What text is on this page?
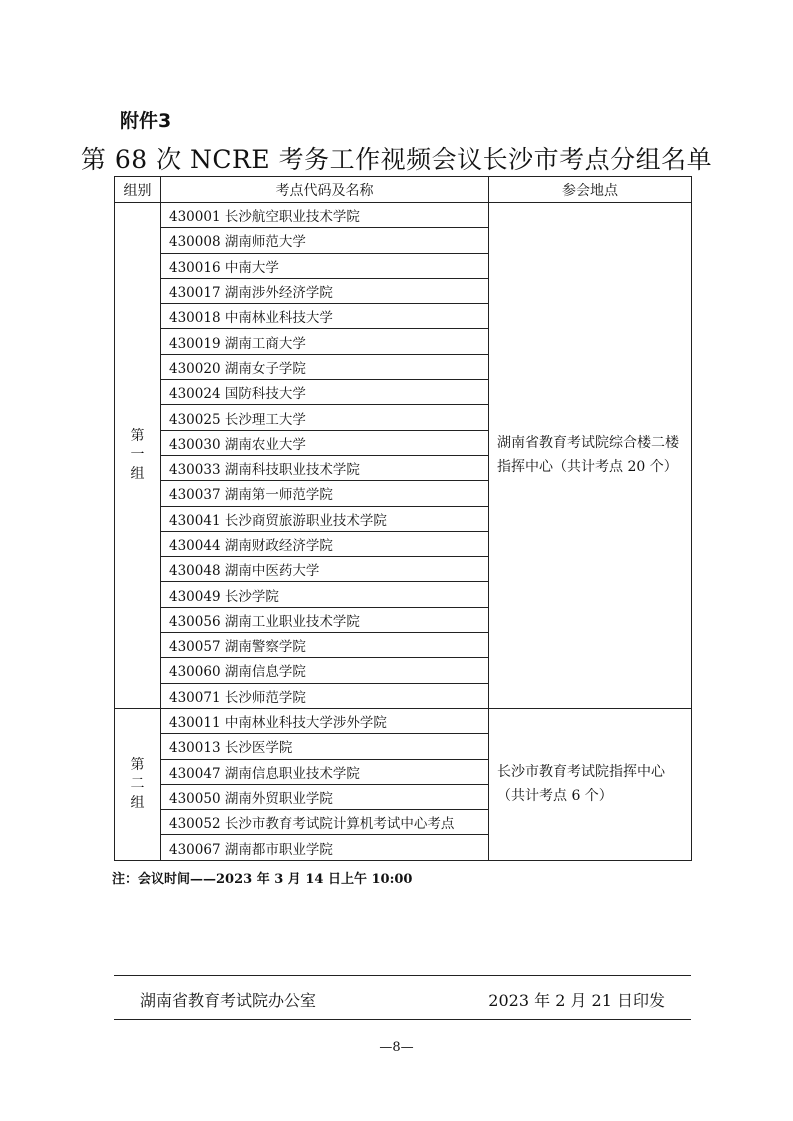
附件3
第 68 次 NCRE 考务工作视频会议长沙市考点分组名单
组别	考点代码及名称	参会地点
第一组	430001 长沙航空职业技术学院	湖南省教育考试院综合楼二楼指挥中心（共计考点 20 个）
	430008 湖南师范大学	
	430016 中南大学	
	430017 湖南涉外经济学院	
	430018 中南林业科技大学	
	430019 湖南工商大学	
	430020 湖南女子学院	
	430024 国防科技大学	
	430025 长沙理工大学	
	430030 湖南农业大学	
	430033 湖南科技职业技术学院	
	430037 湖南第一师范学院	
	430041 长沙商贸旅游职业技术学院	
	430044 湖南财政经济学院	
	430048 湖南中医药大学	
	430049 长沙学院	
	430056 湖南工业职业技术学院	
	430057 湖南警察学院	
	430060 湖南信息学院	
	430071 长沙师范学院	
第二组	430011 中南林业科技大学涉外学院	长沙市教育考试院指挥中心（共计考点 6 个）
	430013 长沙医学院	
	430047 湖南信息职业技术学院	
	430050 湖南外贸职业学院	
	430052 长沙市教育考试院计算机考试中心考点	
	430067 湖南都市职业学院	
注：会议时间——2023 年 3 月 14 日上午 10:00
湖南省教育考试院办公室	2023 年 2 月 21 日印发
—8—
